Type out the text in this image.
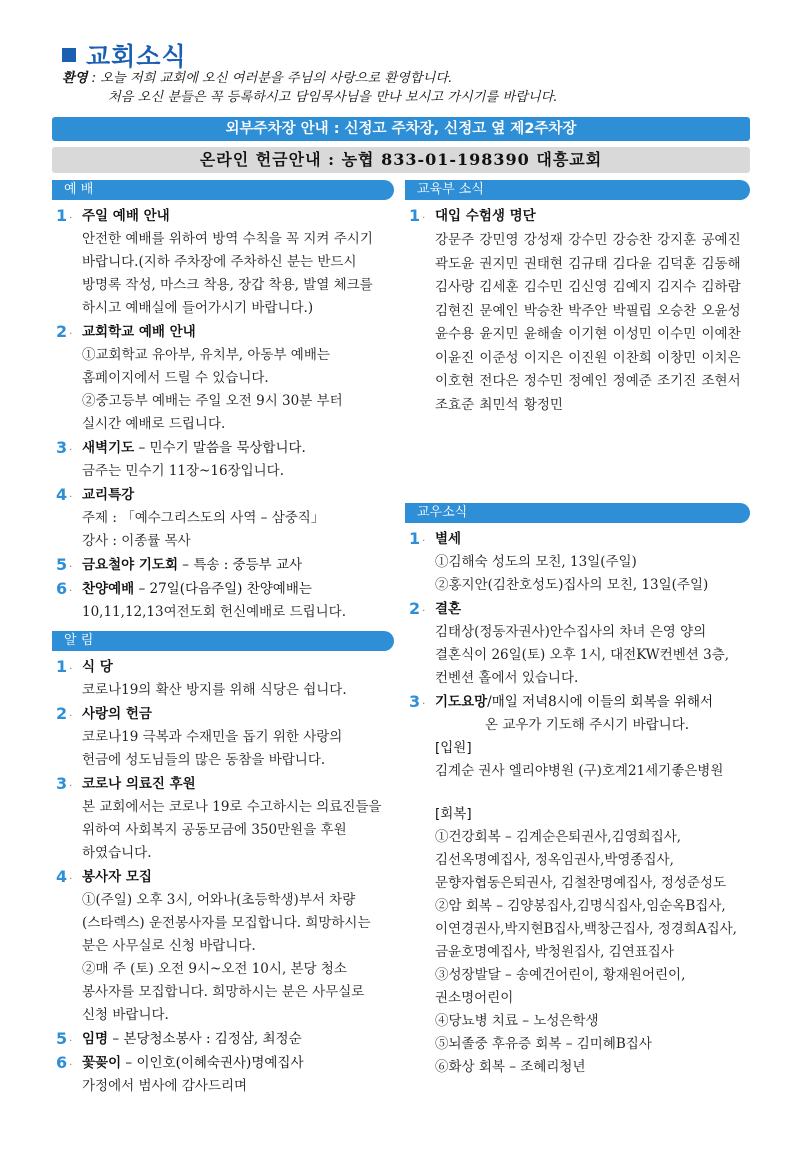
교회소식
환영 : 오늘 저희 교회에 오신 여러분을 주님의 사랑으로 환영합니다.
처음 오신 분들은 꼭 등록하시고 담임목사님을 만나 보시고 가시기를 바랍니다.
외부주차장 안내 : 신정고 주차장, 신정고 옆 제2주차장
온라인 헌금안내 : 농협 833-01-198390 대흥교회
예 배
1 · 주일 예배 안내
안전한 예배를 위하여 방역 수칙을 꼭 지켜 주시기
바랍니다.(지하 주차장에 주차하신 분는 반드시
방명록 작성, 마스크 착용, 장갑 착용, 발열 체크를
하시고 예배실에 들어가시기 바랍니다.)
2 · 교회학교 예배 안내
①교회학교 유아부, 유치부, 아동부 예배는
홈페이지에서 드릴 수 있습니다.
②중고등부 예배는 주일 오전 9시 30분 부터
실시간 예배로 드립니다.
3 · 새벽기도 – 민수기 말씀을 묵상합니다.
금주는 민수기 11장~16장입니다.
4 · 교리특강
주제 : 「예수그리스도의 사역 – 삼중직」
강사 : 이종률 목사
5 · 금요철야 기도회 – 특송 : 중등부 교사
6 · 찬양예배 – 27일(다음주일) 찬양예배는
10,11,12,13여전도회 헌신예배로 드립니다.
알 림
1 · 식 당
코로나19의 확산 방지를 위해 식당은 쉽니다.
2 · 사랑의 헌금
코로나19 극복과 수재민을 돕기 위한 사랑의
헌금에 성도님들의 많은 동참을 바랍니다.
3 · 코로나 의료진 후원
본 교회에서는 코로나 19로 수고하시는 의료진들을
위하여 사회복지 공동모금에 350만원을 후원
하였습니다.
4 · 봉사자 모집
①(주일) 오후 3시, 어와나(초등학생)부서 차량
(스타렉스) 운전봉사자를 모집합니다. 희망하시는
분은 사무실로 신청 바랍니다.
②매 주 (토) 오전 9시~오전 10시, 본당 청소
봉사자를 모집합니다. 희망하시는 분은 사무실로
신청 바랍니다.
5 · 임명 – 본당청소봉사 : 김정삼, 최정순
6 · 꽃꽂이 – 이인호(이혜숙권사)명예집사
가정에서 범사에 감사드리며
교육부 소식
1 · 대입 수험생 명단
강문주 강민영 강성재 강수민 강승찬 강지훈 공예진
곽도윤 권지민 권태현 김규태 김다윤 김덕훈 김동해
김사랑 김세훈 김수민 김신영 김예지 김지수 김하람
김현진 문예인 박승찬 박주안 박필립 오승찬 오윤성
윤수용 윤지민 윤해솔 이기현 이성민 이수민 이예찬
이윤진 이준성 이지은 이진원 이찬희 이창민 이치은
이호현 전다은 정수민 정예인 정예준 조기진 조현서
조효준 최민석 황정민
교우소식
1 · 별세
①김해숙 성도의 모친, 13일(주일)
②홍지안(김찬호성도)집사의 모친, 13일(주일)
2 · 결혼
김태상(정동자권사)안수집사의 차녀 은영 양의
결혼식이 26일(토) 오후 1시, 대전KW컨벤션 3층,
컨벤션 홀에서 있습니다.
3 · 기도요망/매일 저녁8시에 이들의 회복을 위해서
온 교우가 기도해 주시기 바랍니다.
[입원]
김계순 권사 엘리야병원 (구)호계21세기좋은병원
[회복]
①건강회복 – 김계순은퇴권사,김영희집사,
김선옥명예집사, 정옥임권사,박영종집사,
문향자협동은퇴권사, 김철찬명예집사, 정성준성도
②암 회복 – 김양봉집사,김명식집사,임순옥B집사,
이연경권사,박지현B집사,백창근집사, 정경희A집사,
금윤호명예집사, 박청원집사, 김연표집사
③성장발달 – 송예건어린이, 황재원어린이,
권소명어린이
④당뇨병 치료 – 노성은학생
⑤뇌졸중 후유증 회복 – 김미혜B집사
⑥화상 회복 – 조혜리청년
